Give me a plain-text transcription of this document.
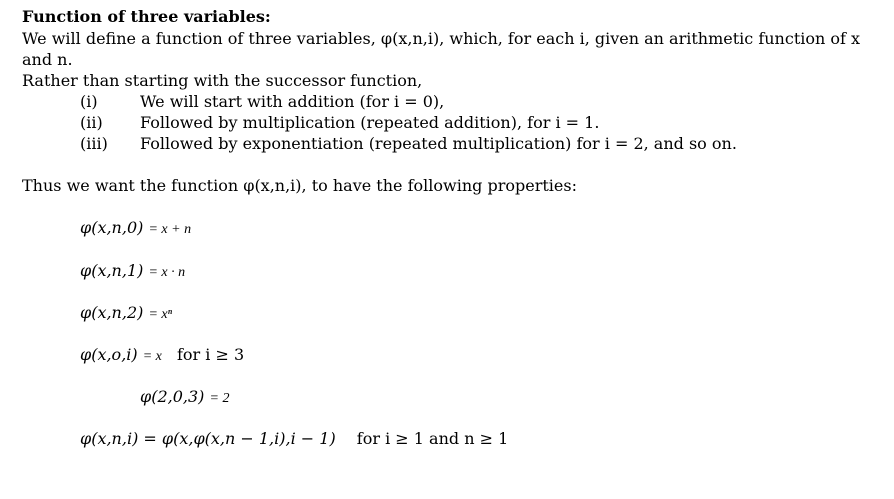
Function of three variables:
We will define a function of three variables, φ(x,n,i), which, for each i, given an arithmetic function of x
and n.
Rather than starting with the successor function,
(i)	We will start with addition (for i = 0),
(ii) Followed by multiplication (repeated addition), for i = 1.
(iii) Followed by exponentiation (repeated multiplication) for i = 2, and so on.
Thus we want the function φ(x,n,i), to have the following properties:
φ(x,n,0) = x + n
φ(x,n,1) = x · n
φ(x,n,2) = xⁿ
φ(x,o,i) = x for i ≥ 3
φ(2,0,3) = 2
φ(x,n,i) = φ(x,φ(x,n − 1,i),i − 1) for i ≥ 1 and n ≥ 1
